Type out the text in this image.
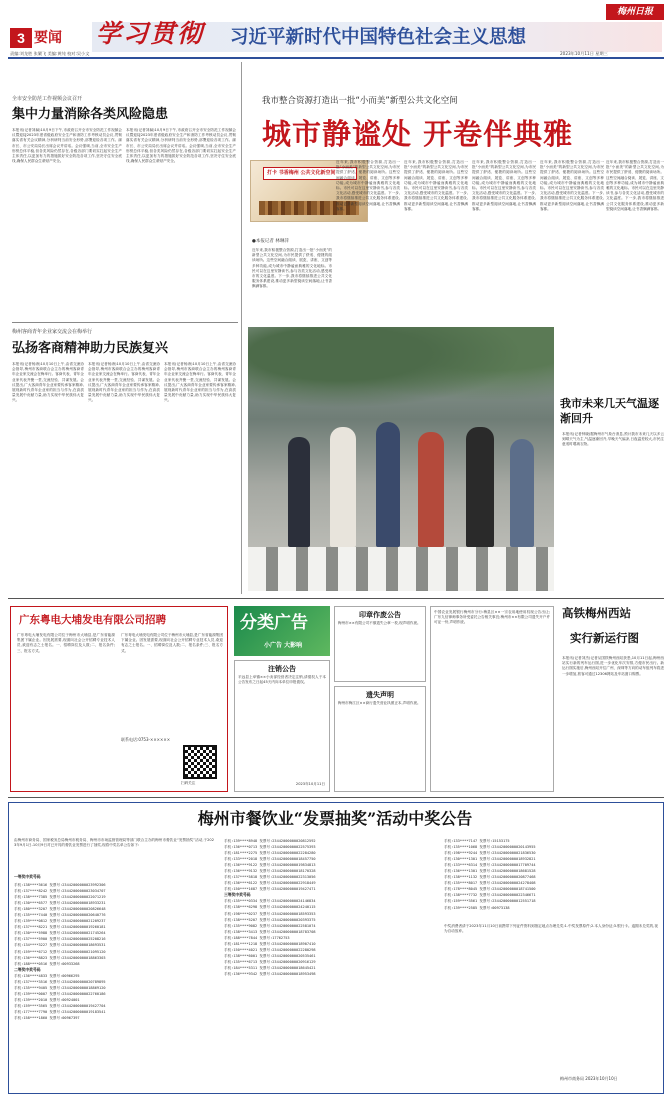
3 要闻 学习贯彻 习近平新时代中国特色社会主义思想
梅州日报
责编:刘龙胜 张繁飞 美编:黄纯 校对:吴小文	2023年10月11日 星期三
全市安全防范工作视频会议召开
集中力量消除各类风险隐患
本报讯(记者刘赫)10月9日下午,市政府召开全市安全防范工作视频会议暨迎接2023年度省级政府安全生产和消防工作考核动员会议,贯彻落实省有关会议精神,分析研判当前安全形势,部署迎检各项工作。副市长、市公安局局长出席会议并讲话。会议强调,当前,全市安全生产形势总体平稳,但各类风险仍然存在,各级各部门要切实扛起安全生产主体责任,以更加有力的措施抓好安全防范各项工作,坚决守住安全底线,确保人民群众生命财产安全。
本报讯(记者刘赫)10月9日下午,市政府召开全市安全防范工作视频会议暨迎接2023年度省级政府安全生产和消防工作考核动员会议,贯彻落实省有关会议精神,分析研判当前安全形势,部署迎检各项工作。副市长、市公安局局长出席会议并讲话。会议强调,当前,全市安全生产形势总体平稳,但各类风险仍然存在,各级各部门要切实扛起安全生产主体责任,以更加有力的措施抓好安全防范各项工作,坚决守住安全底线,确保人民群众生命财产安全。
梅州客商青年企业家交流会在梅举行
弘扬客商精神助力民族复兴
本报讯(记者杨涛)10月10日上午,由省交流协会指导,梅州市客商联合会主办的梅州客商青年企业家交流会在梅举行。客商代表、青年企业家代表齐聚一堂,交流经验、共谋发展。会议提出,广大客商青年企业家要传承客家精神,展现新时代青年企业家的担当与作为,在高质量发展中贡献力量,助力实现中华民族伟大复兴。
本报讯(记者杨涛)10月10日上午,由省交流协会指导,梅州市客商联合会主办的梅州客商青年企业家交流会在梅举行。客商代表、青年企业家代表齐聚一堂,交流经验、共谋发展。会议提出,广大客商青年企业家要传承客家精神,展现新时代青年企业家的担当与作为,在高质量发展中贡献力量,助力实现中华民族伟大复兴。
本报讯(记者杨涛)10月10日上午,由省交流协会指导,梅州市客商联合会主办的梅州客商青年企业家交流会在梅举行。客商代表、青年企业家代表齐聚一堂,交流经验、共谋发展。会议提出,广大客商青年企业家要传承客家精神,展现新时代青年企业家的担当与作为,在高质量发展中贡献力量,助力实现中华民族伟大复兴。
我市整合资源打造出一批“小而美”新型公共文化空间
城市静谧处 开卷伴典雅
打卡 书香梅州 公共文化新空间
●本报记者 林琳萍
近年来,我市积极整合资源,打造出一批“小而美”的新型公共文化空间,为市民提供了舒适、便捷的阅读场所。这些空间融合阅读、展览、讲座、文创等多种功能,成为城市中静谧而典雅的文化地标。市民可以在这里安静读书,参与各类文化活动,感受城市的文化温度。下一步,我市将继续推进公共文化服务体系建设,推动更多新型阅读空间落地,让书香飘满客都。
近年来,我市积极整合资源,打造出一批“小而美”的新型公共文化空间,为市民提供了舒适、便捷的阅读场所。这些空间融合阅读、展览、讲座、文创等多种功能,成为城市中静谧而典雅的文化地标。市民可以在这里安静读书,参与各类文化活动,感受城市的文化温度。下一步,我市将继续推进公共文化服务体系建设,推动更多新型阅读空间落地,让书香飘满客都。
近年来,我市积极整合资源,打造出一批“小而美”的新型公共文化空间,为市民提供了舒适、便捷的阅读场所。这些空间融合阅读、展览、讲座、文创等多种功能,成为城市中静谧而典雅的文化地标。市民可以在这里安静读书,参与各类文化活动,感受城市的文化温度。下一步,我市将继续推进公共文化服务体系建设,推动更多新型阅读空间落地,让书香飘满客都。
近年来,我市积极整合资源,打造出一批“小而美”的新型公共文化空间,为市民提供了舒适、便捷的阅读场所。这些空间融合阅读、展览、讲座、文创等多种功能,成为城市中静谧而典雅的文化地标。市民可以在这里安静读书,参与各类文化活动,感受城市的文化温度。下一步,我市将继续推进公共文化服务体系建设,推动更多新型阅读空间落地,让书香飘满客都。
近年来,我市积极整合资源,打造出一批“小而美”的新型公共文化空间,为市民提供了舒适、便捷的阅读场所。这些空间融合阅读、展览、讲座、文创等多种功能,成为城市中静谧而典雅的文化地标。市民可以在这里安静读书,参与各类文化活动,感受城市的文化温度。下一步,我市将继续推进公共文化服务体系建设,推动更多新型阅读空间落地,让书香飘满客都。
近年来,我市积极整合资源,打造出一批“小而美”的新型公共文化空间,为市民提供了舒适、便捷的阅读场所。这些空间融合阅读、展览、讲座、文创等多种功能,成为城市中静谧而典雅的文化地标。市民可以在这里安静读书,参与各类文化活动,感受城市的文化温度。下一步,我市将继续推进公共文化服务体系建设,推动更多新型阅读空间落地,让书香飘满客都。
我市未来几天气温逐渐回升
本报讯(记者钟晓)据梅州市气象台消息,预计我市未来几天以多云到晴天气为主,气温逐渐回升,早晚天气偏凉,日夜温差较大,市民注意适时增减衣物。
广东粤电大埔发电有限公司招聘
广东粤电大埔发电有限公司位于梅州市大埔县,是广东省能源集团下属企业。因发展需要,现面向社会公开招聘专业技术人员,欢迎有志之士报名。一、招聘岗位及人数;二、报名条件;三、报名方式。
广东粤电大埔发电有限公司位于梅州市大埔县,是广东省能源集团下属企业。因发展需要,现面向社会公开招聘专业技术人员,欢迎有志之士报名。一、招聘岗位及人数;二、报名条件;三、报名方式。
联系电话:0753-××××××
扫码关注
分类广告
小广告 大影响
印章作废公告
梅州市××有限公司不慎遗失公章一枚,现声明作废。
注销公告
平远县上举镇××小卖部经营者决定注销,请债权人于本公告发布之日起45天内向本单位申报债权。
2023年10月11日
遗失声明
梅州市梅江区××商行遗失营业执照正本,声明作废。
中国农业发展银行梅州市分行:梅县区××一宗农用地使用权现公告出让;广东九信律师事务所受委托公告相关事宜;梅州市××有限公司遗失开户许可证一份,声明作废。
高铁梅州西站
实行新运行图
本报讯(记者刘杰)记者从国铁梅州西站获悉,10月11日起,梅州西站实行新的列车运行图,进一步优化车次安排,方便市民出行。新运行图实施后,梅州西站开往广州、深圳等方向的动车组列车将进一步增加,旅客可通过12306网站及车站窗口购票。
梅州市餐饮业“发票抽奖”活动中奖公告
由梅州市商务局、国家税务总局梅州市税务局、梅州市市场监督管理局等部门联合主办的梅州市餐饮业“发票抽奖”活动,于2023年9月1日-10月9日对已开具的餐饮业发票进行了抽奖,现将中奖名单公告如下:
一等奖中奖号码
手机:138****3616 发票号:23442000000023992306
手机:137****8242 发票号:23442000000023034707
手机:138****7385 发票号:23442000000022071219
手机:130****6577 发票号:23442000000018933231
手机:180****3207 发票号:23442000000020826648
手机:135****7440 发票号:23442000000020640776
手机:139****0812 发票号:23442000000021209237
手机:137****8221 发票号:23442000000019260181
手机:130****5988 发票号:23442000000021745264
手机:137****5900 发票号:23442000000025208216
手机:134****3227 发票号:23442000000018693531
手机:159****6712 发票号:23442000000021095120
手机:136****8823 发票号:23442000000018863303
手机:188****0516 发票号:00933268
二等奖中奖号码
手机:136****4833 发票号:00966295
手机:137****3516 发票号:23442000000020789895
手机:135****9405 发票号:23442000000018869120
手机:139****0007 发票号:23442000000022760186
手机:139****2010 发票号:00924001
手机:159****3565 发票号:23442000000019427704
手机:177****7790 发票号:23442000000019183541
手机:158****1860 发票号:00967397
手机:139****8948 发票号:23442000000020812592
手机:136****0713 发票号:23442000000022575393
手机:181****2275 发票号:23442000000022284280
手机:133****2018 发票号:23442000000018457750
手机:136****9122 发票号:23442000000019834813
手机:136****9132 发票号:23442000000018170328
手机:137****5818 发票号:23442000000022313056
手机:136****6122 发票号:23442000000022918449
手机:150****1687 发票号:23442000000019427471
三等奖中奖号码
手机:135****0334 发票号:23442000000024146834
手机:138****6298 发票号:23442000000024240115
手机:198****0237 发票号:23442000000018593353
手机:138****5207 发票号:23442000000020393375
手机:135****9082 发票号:23442000000022581074
手机:138****3413 发票号:23442000000018783708
手机:188****7844 发票号:17762753
手机:181****1218 发票号:23442000000018907410
手机:150****4021 发票号:23442000000022280298
手机:138****6001 发票号:23442000000020535461
手机:135****6713 发票号:23442000000020916129
手机:184****5311 发票号:23442000000018645421
手机:136****9342 发票号:23442000000018953498
手机:133****7147 发票号:15153175
手机:135****1068 发票号:23442000000020143955
手机:198****9244 发票号:23442000000021836530
手机:130****1301 发票号:23442000000018932821
手机:133****6314 发票号:23442000000017709744
手机:136****1301 发票号:23442000000018681528
手机:138****1132 发票号:23442000000020877468
手机:135****8017 发票号:23442000000024278408
手机:178****8045 发票号:23442000000018741500
手机:138****7732 发票号:23442000000022346671
手机:159****3561 发票号:23442000000012551718
手机:139****2585 发票号:00973138
中奖消费者请于2023年11月10日前携带下列证件资料到指定地点办理兑奖:1.中奖发票原件;2.本人身份证;3.银行卡。逾期未兑奖的,视为自动放弃。
梅州市商务局 2023年10月10日
